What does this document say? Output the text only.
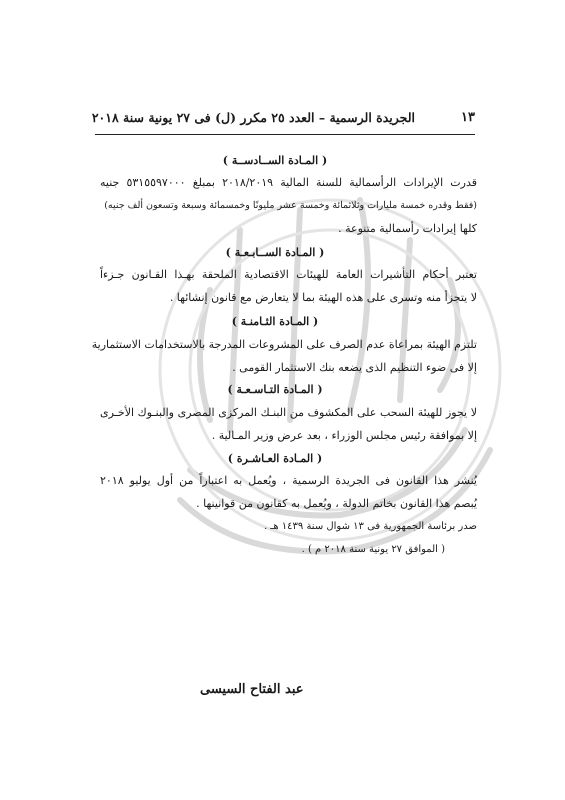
١٣
الجريدة الرسمية – العدد ٢٥ مكرر (ل) فى ٢٧ يونية سنة ٢٠١٨
( المـادة الســادســة )
قدرت الإيرادات الرأسمالية للسنة المالية ٢٠١٨/٢٠١٩ بمبلغ ٥٣١٥٥٩٧٠٠٠ جنيه
(فقط وقدره خمسة مليارات وثلاثمائة وخمسة عشر مليونًا وخمسمائة وسبعة وتسعون ألف جنيه)
كلها إيرادات رأسمالية متنوعة .
( المـادة الســابـعـة )
تعتبر أحكام التأشيرات العامة للهيئات الاقتصادية الملحقة بهـذا القـانون جـزءاً
لا يتجزأ منه وتسرى على هذه الهيئة بما لا يتعارض مع قانون إنشائها .
( المـادة الثـامنـة )
تلتزم الهيئة بمراعاة عدم الصرف على المشروعات المدرجة بالاستخدامات الاستثمارية
إلا فى ضوء التنظيم الذى يضعه بنك الاستثمار القومى .
( المـادة التـاسـعـة )
لا يجوز للهيئة السحب على المكشوف من البنـك المركزى المصرى والبنـوك الأخـرى
إلا بموافقة رئيس مجلس الوزراء ، بعد عرض وزير المـالية .
( المـادة العـاشـرة )
يُنشر هذا القانون فى الجريدة الرسمية ، ويُعمل به اعتباراً من أول يوليو ٢٠١٨
يُبصم هذا القانون بخاتم الدولة ، ويُعمل به كقانون من قوانينها .
صدر برئاسة الجمهورية فى ١٣ شوال سنة ١٤٣٩ هـ .
( الموافق ٢٧ يونية سنة ٢٠١٨ م ) .
عبد الفتاح السيسى
